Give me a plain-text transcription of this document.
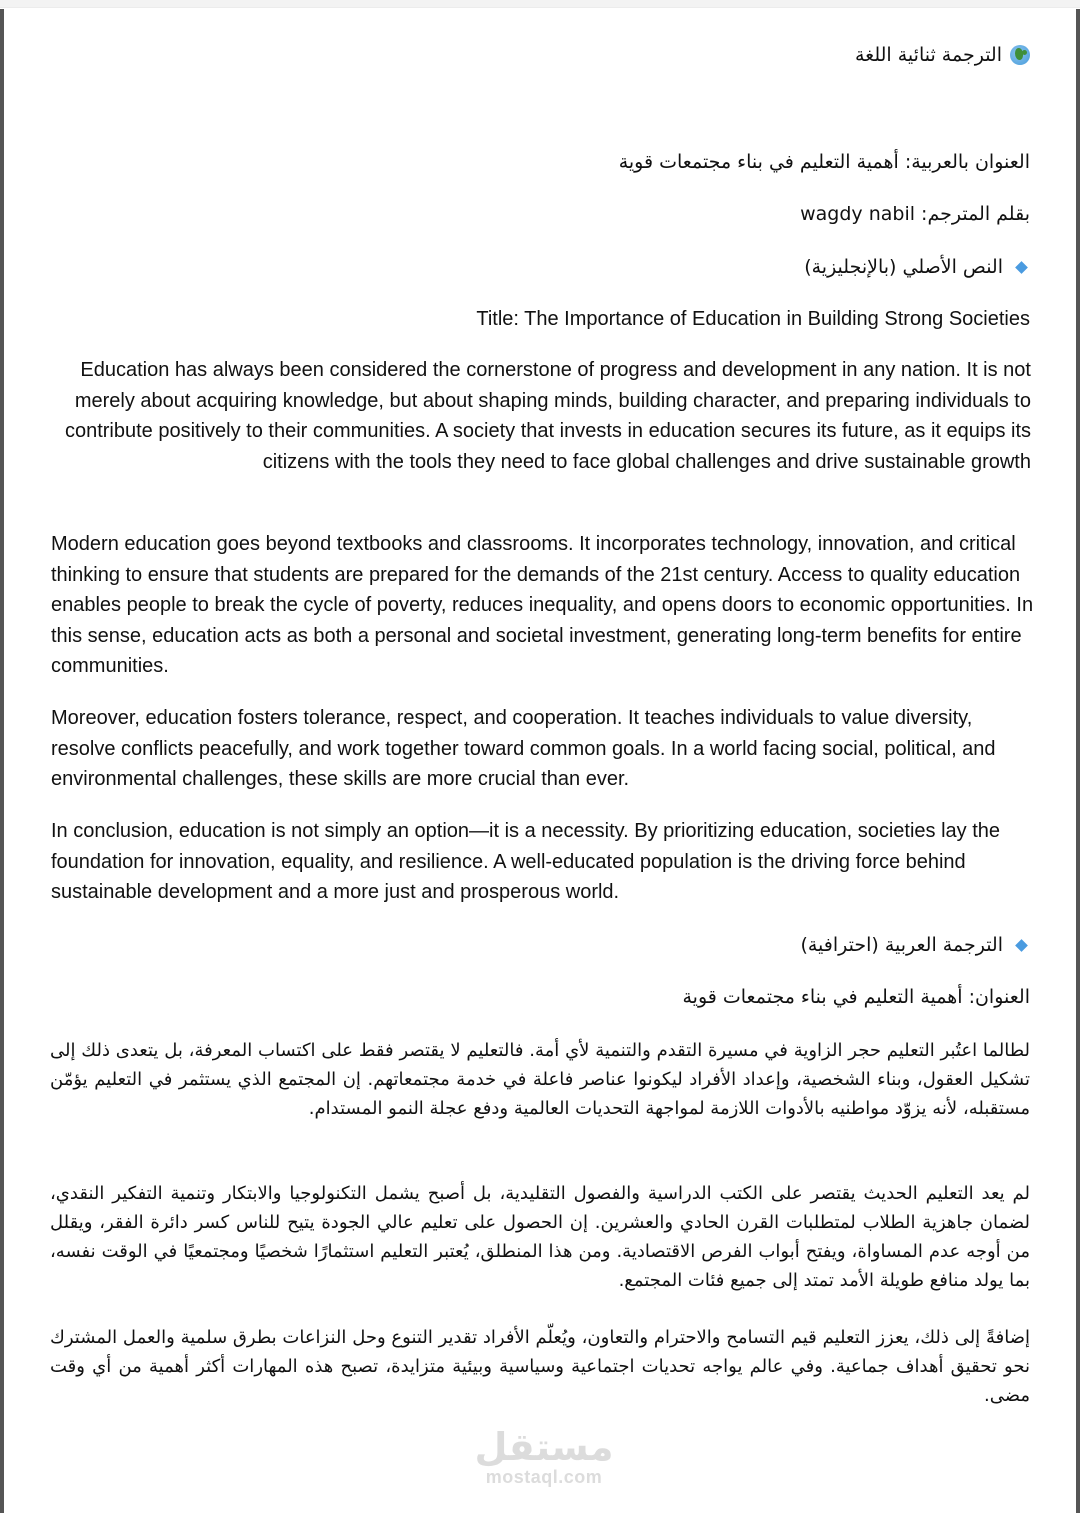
الترجمة ثنائية اللغة
العنوان بالعربية: أهمية التعليم في بناء مجتمعات قوية
بقلم المترجم: wagdy nabil
النص الأصلي (بالإنجليزية)
Title: The Importance of Education in Building Strong Societies

Education has always been considered the cornerstone of progress and development in any nation. It is not merely about acquiring knowledge, but about shaping minds, building character, and preparing individuals to contribute positively to their communities. A society that invests in education secures its future, as it equips its citizens with the tools they need to face global challenges and drive sustainable growth

Modern education goes beyond textbooks and classrooms. It incorporates technology, innovation, and critical thinking to ensure that students are prepared for the demands of the 21st century. Access to quality education enables people to break the cycle of poverty, reduces inequality, and opens doors to economic opportunities. In this sense, education acts as both a personal and societal investment, generating long-term benefits for entire communities.

Moreover, education fosters tolerance, respect, and cooperation. It teaches individuals to value diversity, resolve conflicts peacefully, and work together toward common goals. In a world facing social, political, and environmental challenges, these skills are more crucial than ever.

In conclusion, education is not simply an option—it is a necessity. By prioritizing education, societies lay the foundation for innovation, equality, and resilience. A well-educated population is the driving force behind sustainable development and a more just and prosperous world.

الترجمة العربية (احترافية)
العنوان: أهمية التعليم في بناء مجتمعات قوية

لطالما اعتُبر التعليم حجر الزاوية في مسيرة التقدم والتنمية لأي أمة. فالتعليم لا يقتصر فقط على اكتساب المعرفة، بل يتعدى ذلك إلى تشكيل العقول، وبناء الشخصية، وإعداد الأفراد ليكونوا عناصر فاعلة في خدمة مجتمعاتهم. إن المجتمع الذي يستثمر في التعليم يؤمّن مستقبله، لأنه يزوّد مواطنيه بالأدوات اللازمة لمواجهة التحديات العالمية ودفع عجلة النمو المستدام.

لم يعد التعليم الحديث يقتصر على الكتب الدراسية والفصول التقليدية، بل أصبح يشمل التكنولوجيا والابتكار وتنمية التفكير النقدي، لضمان جاهزية الطلاب لمتطلبات القرن الحادي والعشرين. إن الحصول على تعليم عالي الجودة يتيح للناس كسر دائرة الفقر، ويقلل من أوجه عدم المساواة، ويفتح أبواب الفرص الاقتصادية. ومن هذا المنطلق، يُعتبر التعليم استثمارًا شخصيًا ومجتمعيًا في الوقت نفسه، بما يولد منافع طويلة الأمد تمتد إلى جميع فئات المجتمع.

إضافةً إلى ذلك، يعزز التعليم قيم التسامح والاحترام والتعاون، ويُعلّم الأفراد تقدير التنوع وحل النزاعات بطرق سلمية والعمل المشترك نحو تحقيق أهداف جماعية. وفي عالم يواجه تحديات اجتماعية وسياسية وبيئية متزايدة، تصبح هذه المهارات أكثر أهمية من أي وقت مضى.

مستقل
mostaql.com
